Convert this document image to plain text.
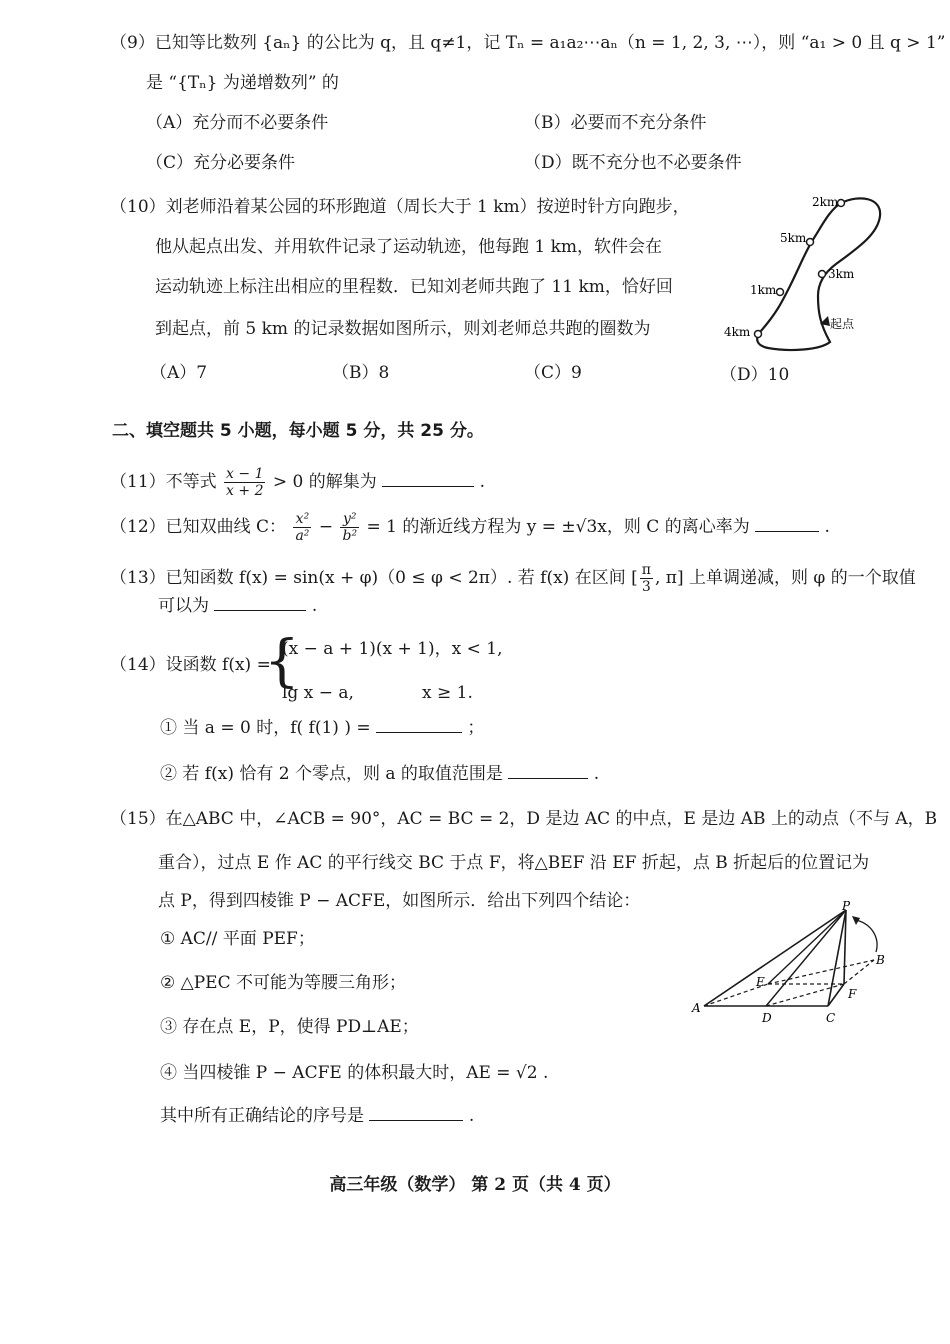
（9）已知等比数列 {aₙ} 的公比为 q，且 q≠1，记 Tₙ = a₁a₂⋯aₙ（n = 1, 2, 3, ⋯），则 “a₁ > 0 且 q > 1”
是 “{Tₙ} 为递增数列” 的
（A）充分而不必要条件	（B）必要而不充分条件
（C）充分必要条件	（D）既不充分也不必要条件
（10）刘老师沿着某公园的环形跑道（周长大于 1 km）按逆时针方向跑步，
他从起点出发、并用软件记录了运动轨迹，他每跑 1 km，软件会在
运动轨迹上标注出相应的里程数．已知刘老师共跑了 11 km，恰好回
到起点，前 5 km 的记录数据如图所示，则刘老师总共跑的圈数为
（A）7	（B）8	（C）9	（D）10
2km
5km
3km
1km
4km
起点
二、填空题共 5 小题，每小题 5 分，共 25 分。
（11）不等式 $\frac{x - 1}{x + 2} > 0$ 的解集为	.
（12）已知双曲线 C： $\frac{\text{x²}}{\text{a²}} - \frac{\text{y²}}{\text{b²}} = 1$ 的渐近线方程为 y = ±√3x，则 C 的离心率为	.
（13）已知函数 f(x) = sin(x + φ)（0 ≤ φ < 2π）. 若 f(x) 在区间 [ $\frac{\pi}{3}$ , π] 上单调递减，则 φ 的一个取值
可以为	.
（14）设函数 f(x) =
{
(x − a + 1)(x + 1)，x < 1,
lg x − a,	x ≥ 1.
① 当 a = 0 时，f( f(1) ) =	；
② 若 f(x) 恰有 2 个零点，则 a 的取值范围是	.
（15）在△ABC 中，∠ACB = 90°，AC = BC = 2，D 是边 AC 的中点，E 是边 AB 上的动点（不与 A，B
重合），过点 E 作 AC 的平行线交 BC 于点 F，将△BEF 沿 EF 折起，点 B 折起后的位置记为
点 P，得到四棱锥 P − ACFE，如图所示．给出下列四个结论：
① AC// 平面 PEF；
② △PEC 不可能为等腰三角形；
③ 存在点 E，P，使得 PD⊥AE；
④ 当四棱锥 P − ACFE 的体积最大时，AE = √2 .
其中所有正确结论的序号是	.
P
B
E
F
A
D	C
高三年级（数学） 第 2 页（共 4 页）
